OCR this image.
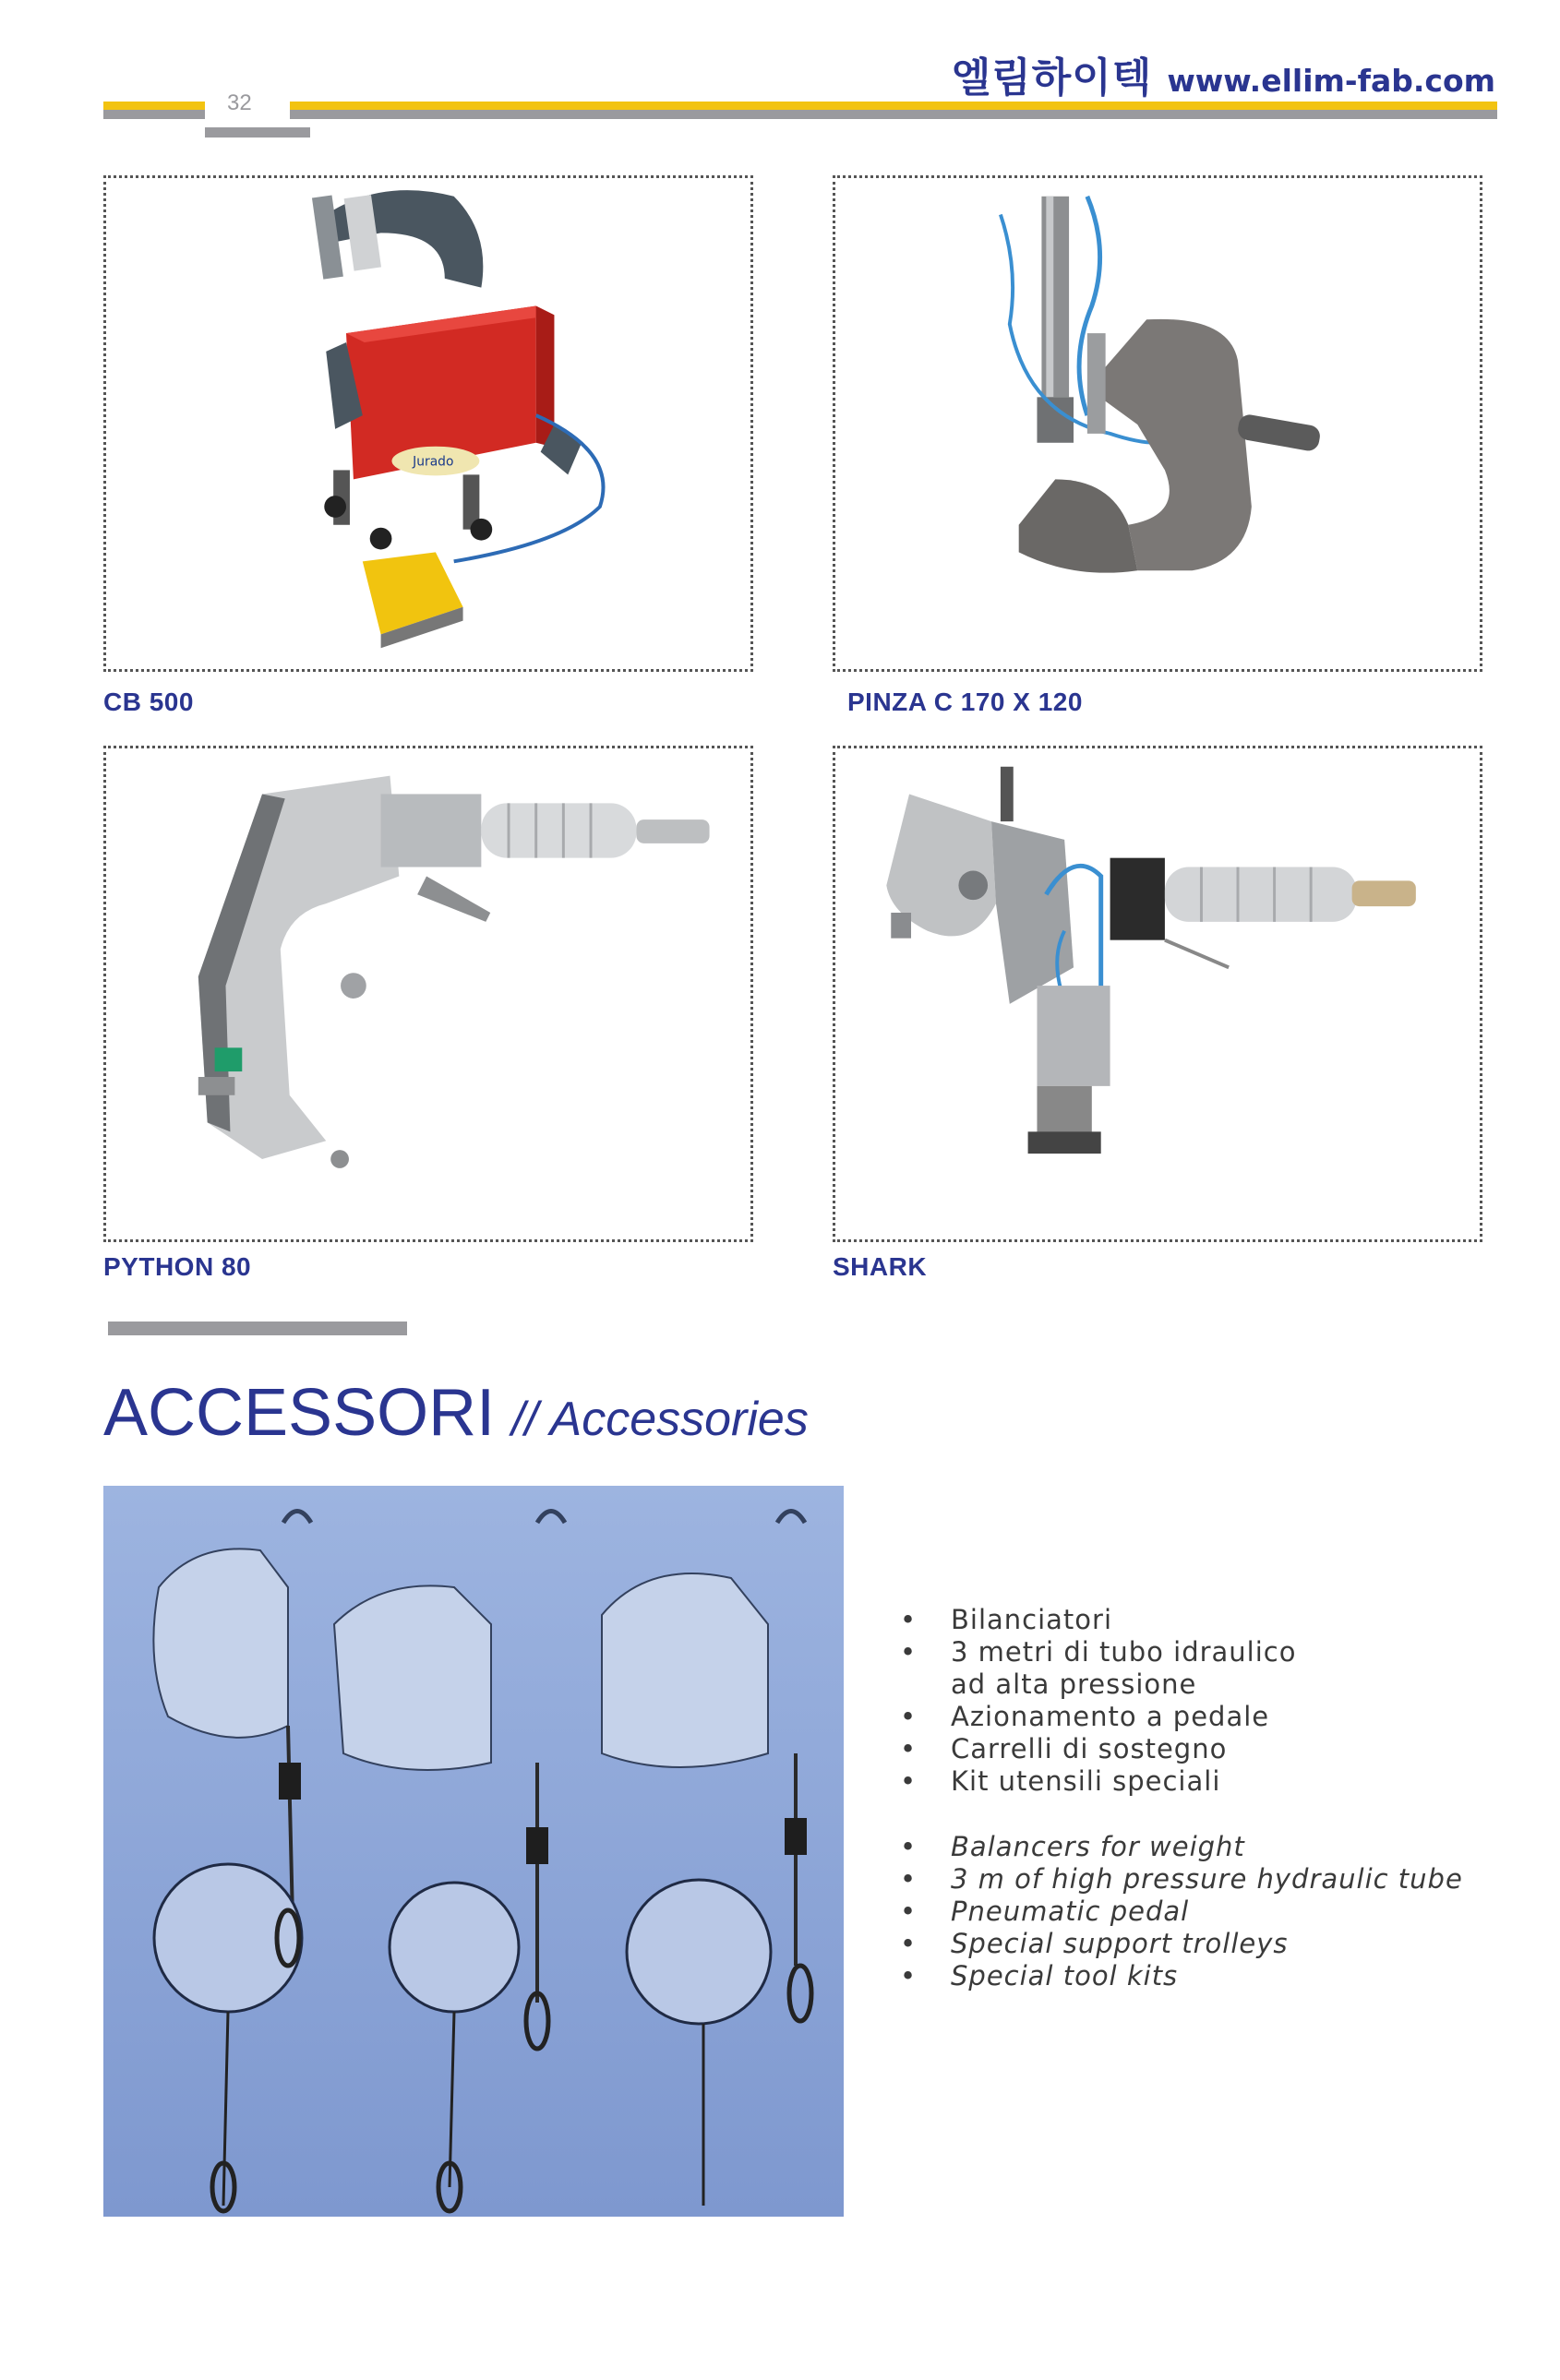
엘림하이텍 www.ellim-fab.com
32
Jurado
CB 500	PINZA C 170 X 120
PYTHON 80	SHARK
ACCESSORI // Accessories
• Bilanciatori
• 3 metri di tubo idraulico
ad alta pressione
• Azionamento a pedale
• Carrelli di sostegno
• Kit utensili speciali
• Balancers for weight
• 3 m of high pressure hydraulic tube
• Pneumatic pedal
• Special support trolleys
• Special tool kits
